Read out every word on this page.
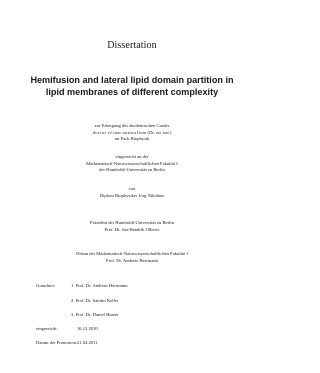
Dissertation
Hemifusion and lateral lipid domain partition in
lipid membranes of different complexity
zur Erlangung des akademischen Grades
doctor rerum naturalium (Dr. rer. nat.)
im Fach Biophysik
eingereicht an der
Mathematisch-Naturwissenschaftlichen Fakultät I
der Humboldt-Universität zu Berlin
von
Diplom Biophysiker Jörg Nikolaus
Präsident der Humboldt-Universität zu Berlin
Prof. Dr. Jan-Hendrik Olbertz
Dekan der Mathematisch-Naturwissenschaftlichen Fakultät I
Prof. Dr. Andreas Herrmann
Gutachter:	1. Prof. Dr. Andreas Herrmann
2. Prof. Dr. Sandro Keller
3. Prof. Dr. Daniel Huster
eingereicht:	16.12.2010
Datum der Promotion: 21.04.2011
